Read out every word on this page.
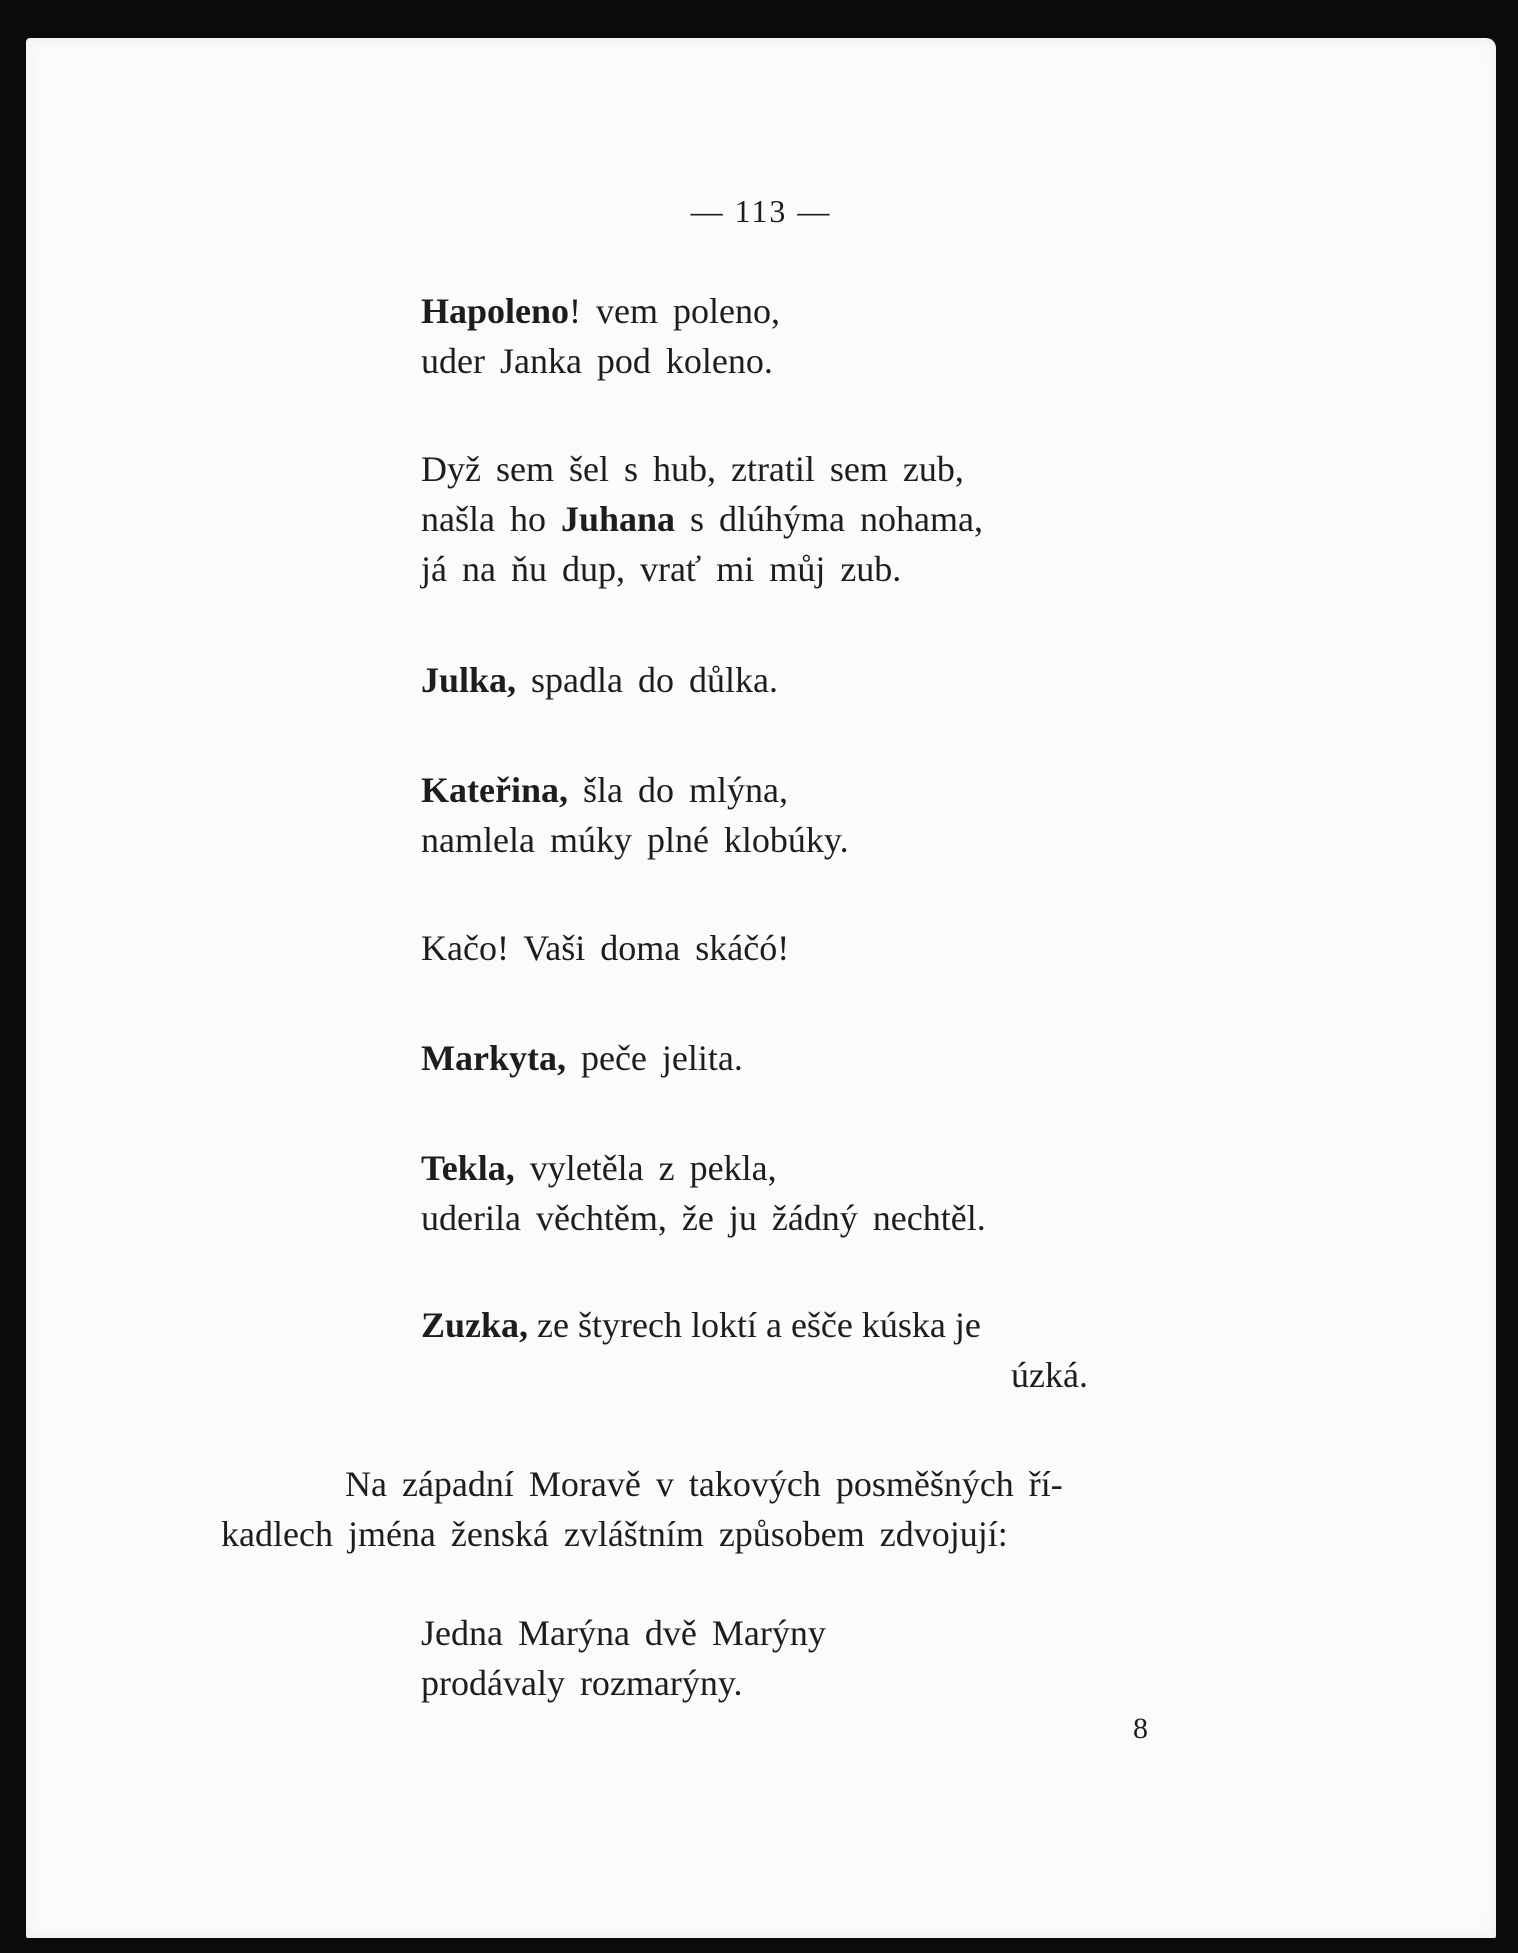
— 113 —
Hapoleno! vem poleno,
uder Janka pod koleno.
Dyž sem šel s hub, ztratil sem zub,
našla ho Juhana s dlúhýma nohama,
já na ňu dup, vrať mi můj zub.
Julka, spadla do důlka.
Kateřina, šla do mlýna,
namlela múky plné klobúky.
Kačo! Vaši doma skáčó!
Markyta, peče jelita.
Tekla, vyletěla z pekla,
uderila věchtěm, že ju žádný nechtěl.
Zuzka, ze štyrech loktí a ešče kúska je
úzká.
Na západní Moravě v takových posměšných ří-
kadlech jména ženská zvláštním způsobem zdvojují:
Jedna Marýna dvě Marýny
prodávaly rozmarýny.
8
